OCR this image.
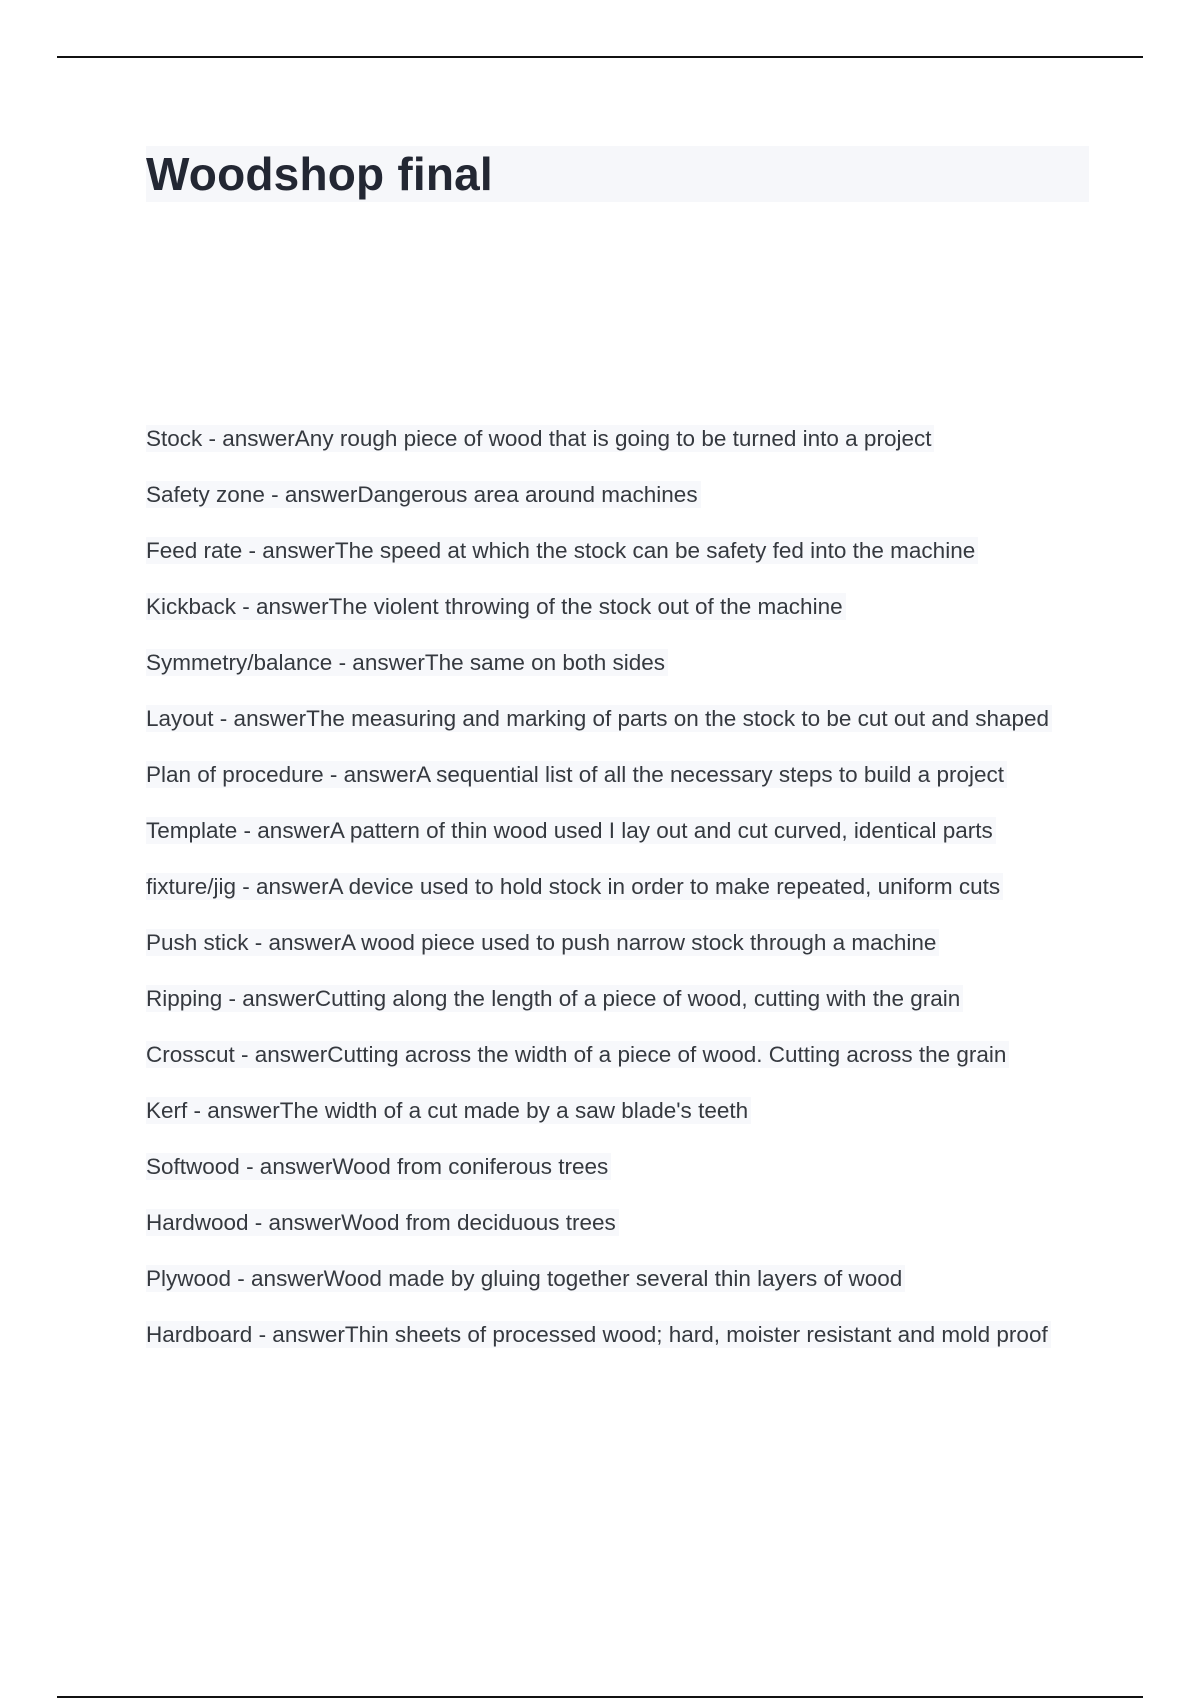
Woodshop final
Stock - answerAny rough piece of wood that is going to be turned into a project
Safety zone - answerDangerous area around machines
Feed rate - answerThe speed at which the stock can be safety fed into the machine
Kickback - answerThe violent throwing of the stock out of the machine
Symmetry/balance - answerThe same on both sides
Layout - answerThe measuring and marking of parts on the stock to be cut out and shaped
Plan of procedure - answerA sequential list of all the necessary steps to build a project
Template - answerA pattern of thin wood used I lay out and cut curved, identical parts
fixture/jig - answerA device used to hold stock in order to make repeated, uniform cuts
Push stick - answerA wood piece used to push narrow stock through a machine
Ripping - answerCutting along the length of a piece of wood, cutting with the grain
Crosscut - answerCutting across the width of a piece of wood. Cutting across the grain
Kerf - answerThe width of a cut made by a saw blade's teeth
Softwood - answerWood from coniferous trees
Hardwood - answerWood from deciduous trees
Plywood - answerWood made by gluing together several thin layers of wood
Hardboard - answerThin sheets of processed wood; hard, moister resistant and mold proof
